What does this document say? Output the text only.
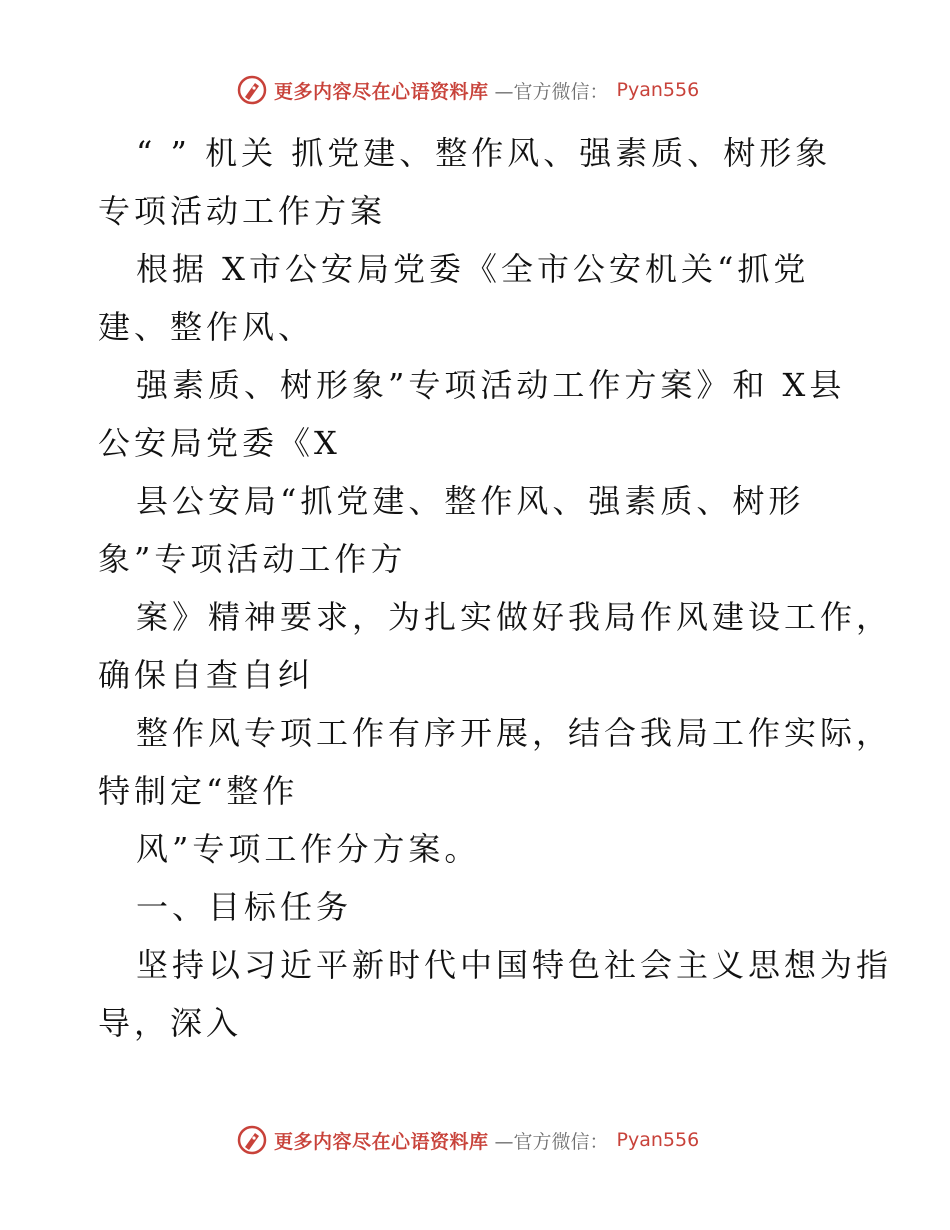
更多内容尽在心语资料库 —官方微信： Pyan556
“ ” 机关 抓党建、整作风、强素质、树形象
专项活动工作方案
根据 X市公安局党委《全市公安机关“抓党
建、整作风、
强素质、树形象”专项活动工作方案》和 X县
公安局党委《X
县公安局“抓党建、整作风、强素质、树形
象”专项活动工作方
案》精神要求，为扎实做好我局作风建设工作，
确保自查自纠
整作风专项工作有序开展，结合我局工作实际，
特制定“整作
风”专项工作分方案。
一、目标任务
坚持以习近平新时代中国特色社会主义思想为指
导，深入
更多内容尽在心语资料库 —官方微信： Pyan556
